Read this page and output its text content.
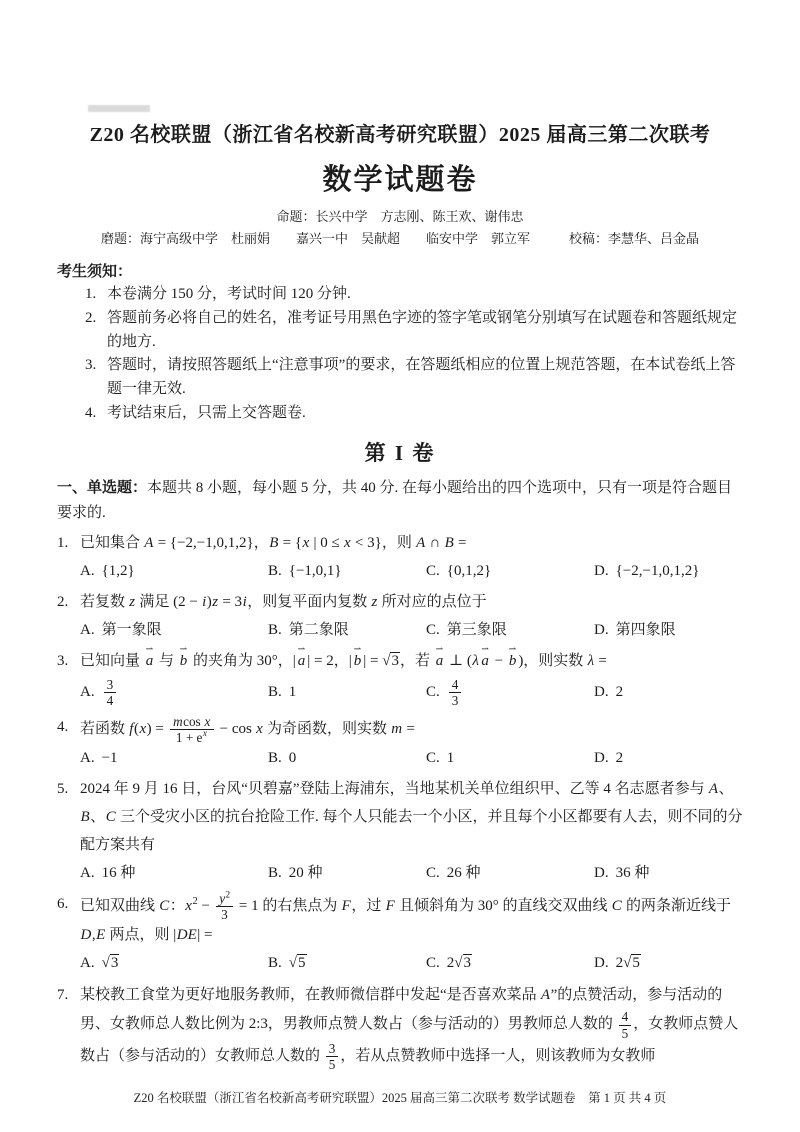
Z20 名校联盟（浙江省名校新高考研究联盟）2025 届高三第二次联考
数学试题卷
命题：长兴中学　方志刚、陈王欢、谢伟忠
磨题：海宁高级中学　杜丽娟　　嘉兴一中　吴献超　　临安中学　郭立军　　　校稿：李慧华、吕金晶
考生须知：
1. 本卷满分 150 分，考试时间 120 分钟.
2. 答题前务必将自己的姓名，准考证号用黑色字迹的签字笔或钢笔分别填写在试题卷和答题纸规定的地方.
3. 答题时，请按照答题纸上“注意事项”的要求，在答题纸相应的位置上规范答题，在本试卷纸上答题一律无效.
4. 考试结束后，只需上交答题卷.
第 I 卷
一、单选题：本题共 8 小题，每小题 5 分，共 40 分. 在每小题给出的四个选项中，只有一项是符合题目要求的.
1. 已知集合 A = {−2,−1,0,1,2}，B = {x | 0 ≤ x < 3}，则 A ∩ B =
A. {1,2}	B. {−1,0,1}	C. {0,1,2}	D. {−2,−1,0,1,2}
2. 若复数 z 满足 (2 − i)z = 3i，则复平面内复数 z 所对应的点位于
A. 第一象限	B. 第二象限	C. 第三象限	D. 第四象限
3. 已知向量 a ⇀ 与 b ⇀ 的夹角为 30°，| a ⇀ | = 2，| b ⇀ | = √3，若 a ⇀ ⊥ (λ a ⇀ − b ⇀ )，则实数 λ =
A. $\frac{3}{4}$	B. 1	C. $\frac{4}{3}$	D. 2
4. 若函数 $f(x) = \frac{\text{mcos x}}{1 + e^x} - \cos x$ 为奇函数，则实数 m =
A. −1	B. 0	C. 1	D. 2
5. 2024 年 9 月 16 日，台风“贝碧嘉”登陆上海浦东，当地某机关单位组织甲、乙等 4 名志愿者参与 A、B、C 三个受灾小区的抗台抢险工作. 每个人只能去一个小区，并且每个小区都要有人去，则不同的分配方案共有
A. 16 种	B. 20 种	C. 26 种	D. 36 种
6. 已知双曲线 C：$x^2 - \frac{y^2}{3} = 1$ 的右焦点为 F，过 F 且倾斜角为 30° 的直线交双曲线 C 的两条渐近线于 D,E 两点，则 |DE| =
A. √3	B. √5	C. 2√3	D. 2√5
7. 某校教工食堂为更好地服务教师，在教师微信群中发起“是否喜欢菜品 A”的点赞活动，参与活动的男、女教师总人数比例为 2:3，男教师点赞人数占（参与活动的）男教师总人数的 $\frac{4}{5}$ ，女教师点赞人数占（参与活动的）女教师总人数的 $\frac{3}{5}$ ，若从点赞教师中选择一人，则该教师为女教师
Z20 名校联盟（浙江省名校新高考研究联盟）2025 届高三第二次联考 数学试题卷　第 1 页 共 4 页
